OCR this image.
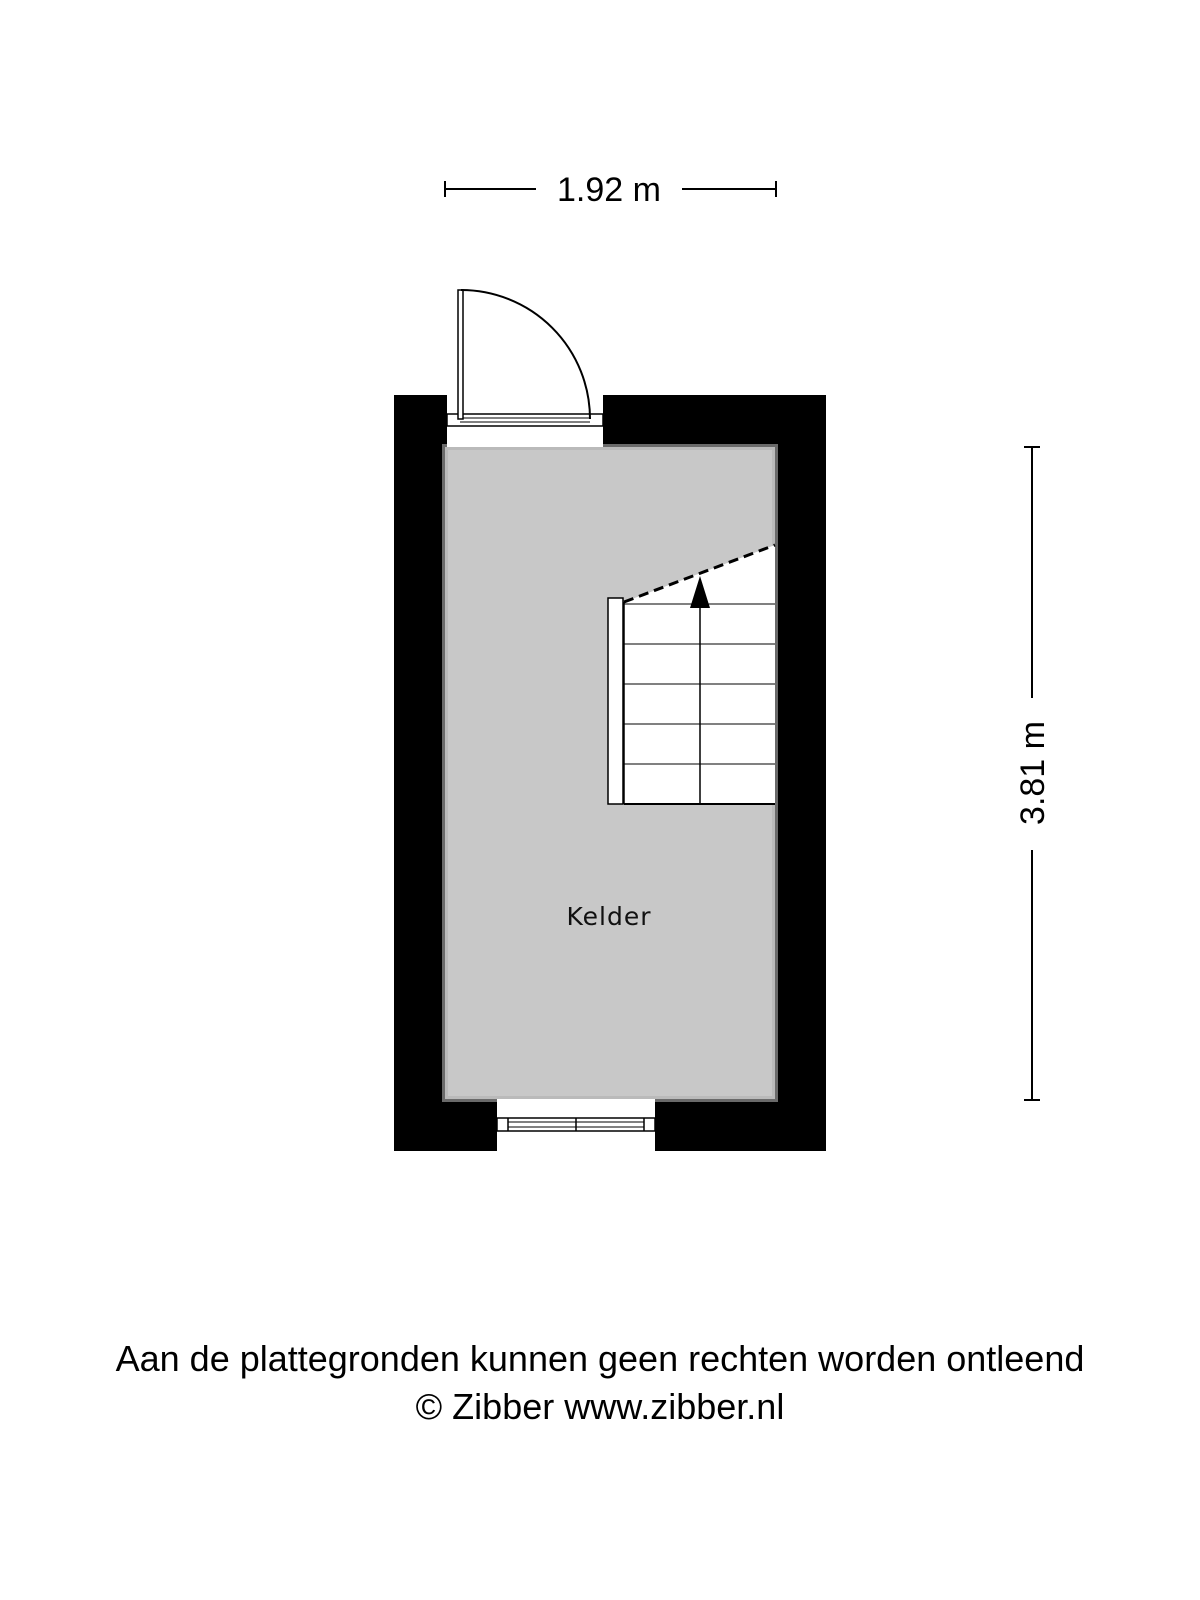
1.92 m
3.81 m
Kelder
Aan de plattegronden kunnen geen rechten worden ontleend
© Zibber www.zibber.nl
